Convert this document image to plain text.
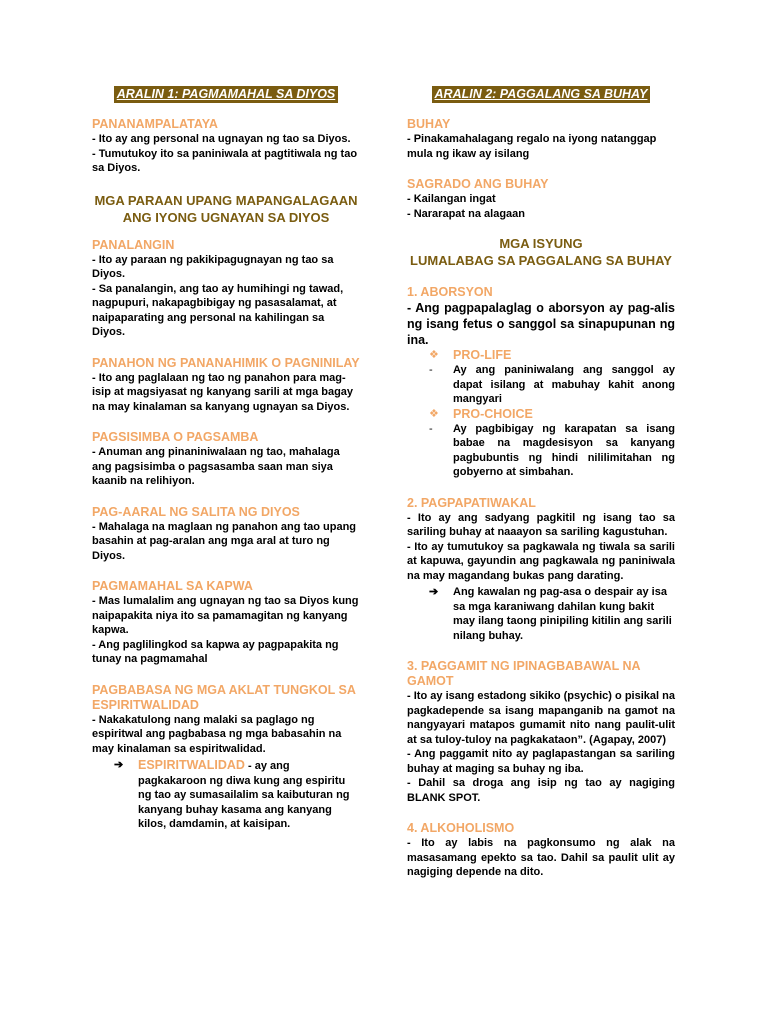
ARALIN 1: PAGMAMAHAL SA DIYOS
PANANAMPALATAYA

- Ito ay ang personal na ugnayan ng tao sa Diyos.

- Tumutukoy ito sa paniniwala at pagtitiwala ng tao sa Diyos.

MGA PARAAN UPANG MAPANGALAGAAN ANG IYONG UGNAYAN SA DIYOS
PANALANGIN

- Ito ay paraan ng pakikipagugnayan ng tao sa Diyos.

- Sa panalangin, ang tao ay humihingi ng tawad, nagpupuri, nakapagbibigay ng pasasalamat, at naipaparating ang personal na kahilingan sa Diyos.

PANAHON NG PANANAHIMIK O PAGNINILAY

- Ito ang paglalaan ng tao ng panahon para mag-isip at magsiyasat ng kanyang sarili at mga bagay na may kinalaman sa kanyang ugnayan sa Diyos.

PAGSISIMBA O PAGSAMBA

- Anuman ang pinaniniwalaan ng tao, mahalaga ang pagsisimba o pagsasamba saan man siya kaanib na relihiyon.

PAG-AARAL NG SALITA NG DIYOS

- Mahalaga na maglaan ng panahon ang tao upang basahin at pag-aralan ang mga aral at turo ng Diyos.

PAGMAMAHAL SA KAPWA

- Mas lumalalim ang ugnayan ng tao sa Diyos kung naipapakita niya ito sa pamamagitan ng kanyang kapwa.

- Ang paglilingkod sa kapwa ay pagpapakita ng tunay na pagmamahal

PAGBABASA NG MGA AKLAT TUNGKOL SA ESPIRITWALIDAD

- Nakakatulong nang malaki sa paglago ng espiritwal ang pagbabasa ng mga babasahin na may kinalaman sa espiritwalidad.

➔	ESPIRITWALIDAD - ay ang pagkakaroon ng diwa kung ang espiritu ng tao ay sumasailalim sa kaibuturan ng kanyang buhay kasama ang kanyang kilos, damdamin, at kaisipan.
ARALIN 2: PAGGALANG SA BUHAY
BUHAY

- Pinakamahalagang regalo na iyong natanggap mula ng ikaw ay isilang

SAGRADO ANG BUHAY

- Kailangan ingat

- Nararapat na alagaan

MGA ISYUNG
LUMALABAG SA PAGGALANG SA BUHAY
1. ABORSYON

- Ang pagpapalaglag o aborsyon ay pag-alis ng isang fetus o sanggol sa sinapupunan ng ina.

❖	PRO-LIFE
-	Ay ang paniniwalang ang sanggol ay dapat isilang at mabuhay kahit anong mangyari
❖	PRO-CHOICE
-	Ay pagbibigay ng karapatan sa isang babae na magdesisyon sa kanyang pagbubuntis ng hindi nililimitahan ng gobyerno at simbahan.
2. PAGPAPATIWAKAL

- Ito ay ang sadyang pagkitil ng isang tao sa sariling buhay at naaayon sa sariling kagustuhan.

- Ito ay tumutukoy sa pagkawala ng tiwala sa sarili at kapuwa, gayundin ang pagkawala ng paniniwala na may magandang bukas pang darating.

➔	Ang kawalan ng pag-asa o despair ay isa sa mga karaniwang dahilan kung bakit may ilang taong pinipiling kitilin ang sarili nilang buhay.
3. PAGGAMIT NG IPINAGBABAWAL NA GAMOT

- Ito ay isang estadong sikiko (psychic) o pisikal na pagkadepende sa isang mapanganib na gamot na nangyayari matapos gumamit nito nang paulit-ulit at sa tuloy-tuloy na pagkakataon”. (Agapay, 2007)

- Ang paggamit nito ay paglapastangan sa sariling buhay at maging sa buhay ng iba.

- Dahil sa droga ang isip ng tao ay nagiging BLANK SPOT.

4. ALKOHOLISMO

- Ito ay labis na pagkonsumo ng alak na masasamang epekto sa tao. Dahil sa paulit ulit ay nagiging depende na dito.
